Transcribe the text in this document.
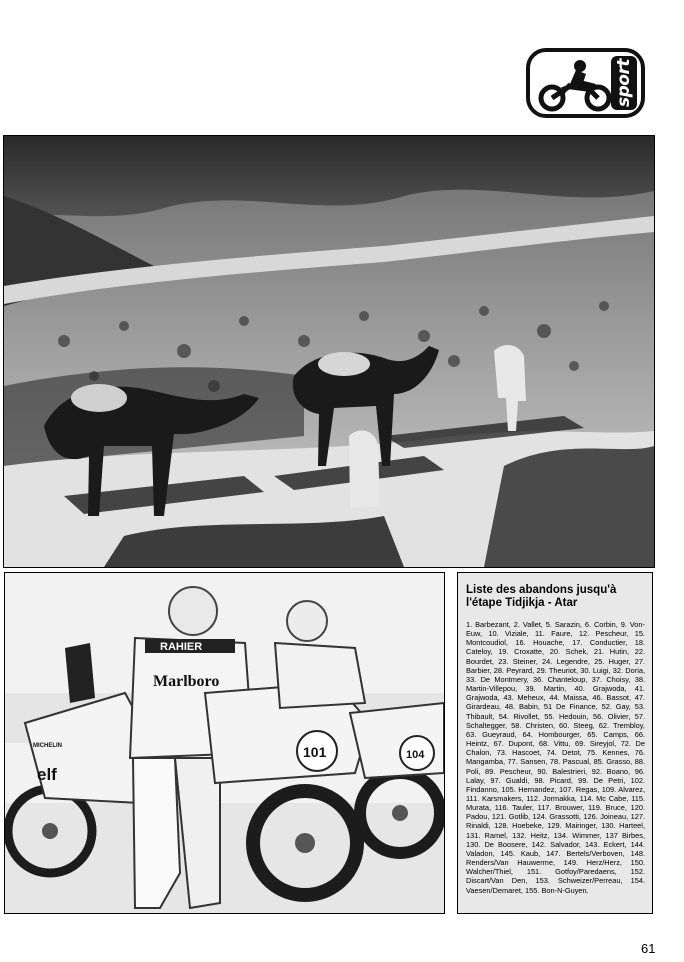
sport
elf
MICHELIN
RAHIER
Marlboro
101	104
Liste des abandons jusqu'à l'étape Tidjikja - Atar

1. Barbezant, 2. Vallet, 5. Sarazin, 6. Corbin, 9. Von-Euw, 10. Viziale, 11. Faure, 12. Pescheur, 15. Montcoudiol, 16. Houache, 17. Conductier, 18. Cateloy, 19. Croxatte, 20. Schek, 21. Hutin, 22. Bourdet, 23. Steiner, 24. Legendre, 25. Huger, 27. Barbier, 28. Peyrard, 29. Theuriot, 30. Luigi, 32. Doria, 33. De Montmery, 36. Chanteloup, 37. Choisy, 38. Martin-Villepou, 39. Martin, 40. Grajwoda, 41. Grajwoda, 43. Meheux, 44. Maissa, 46. Bassot, 47. Girardeau, 48. Babin, 51 De Finance, 52. Gay, 53. Thibault, 54. Rivollet, 55. Hedouin, 56. Olivier, 57. Schaltegger, 58. Christen, 60. Steeg, 62. Trembloy, 63. Gueyraud, 64. Hombourger, 65. Camps, 66. Heintz, 67. Dupont, 68. Vittu, 69. Sireyjol, 72. De Chalon, 73. Hascoet, 74. Detot, 75. Kennes, 76. Mangamba, 77. Sansen, 78. Pascual, 85. Grasso, 88. Poli, 89. Pescheur, 90. Balestrieri, 92. Boano, 96. Lalay, 97. Gualdi, 98. Picard, 99. De Petri, 102. Findanno, 105. Hernandez, 107. Regas, 109. Alvarez, 111. Karsmakers, 112. Jormakka, 114. Mc Cabe, 115. Murata, 116. Tauler, 117. Brouwer, 119. Bruce, 120. Padou, 121. Gotlib, 124. Grassotti, 126. Joineau, 127. Rinaldi, 128. Hoebeke, 129. Mairinger, 130. Harteel, 131. Ramel, 132. Heitz, 134. Wimmer, 137 Birbes, 130. De Boosere, 142. Salvador, 143. Eckert, 144. Valadon, 145. Kaub, 147. Bertels/Verboven, 148. Renders/Van Hauwerme, 149. Herz/Herz, 150. Walcher/Thiel, 151. Gotfoy/Paredaens, 152. Discart/Van Den, 153. Schweizer/Perreau, 154. Vaesen/Demaret, 155. Bon-N-Guyen.

61
